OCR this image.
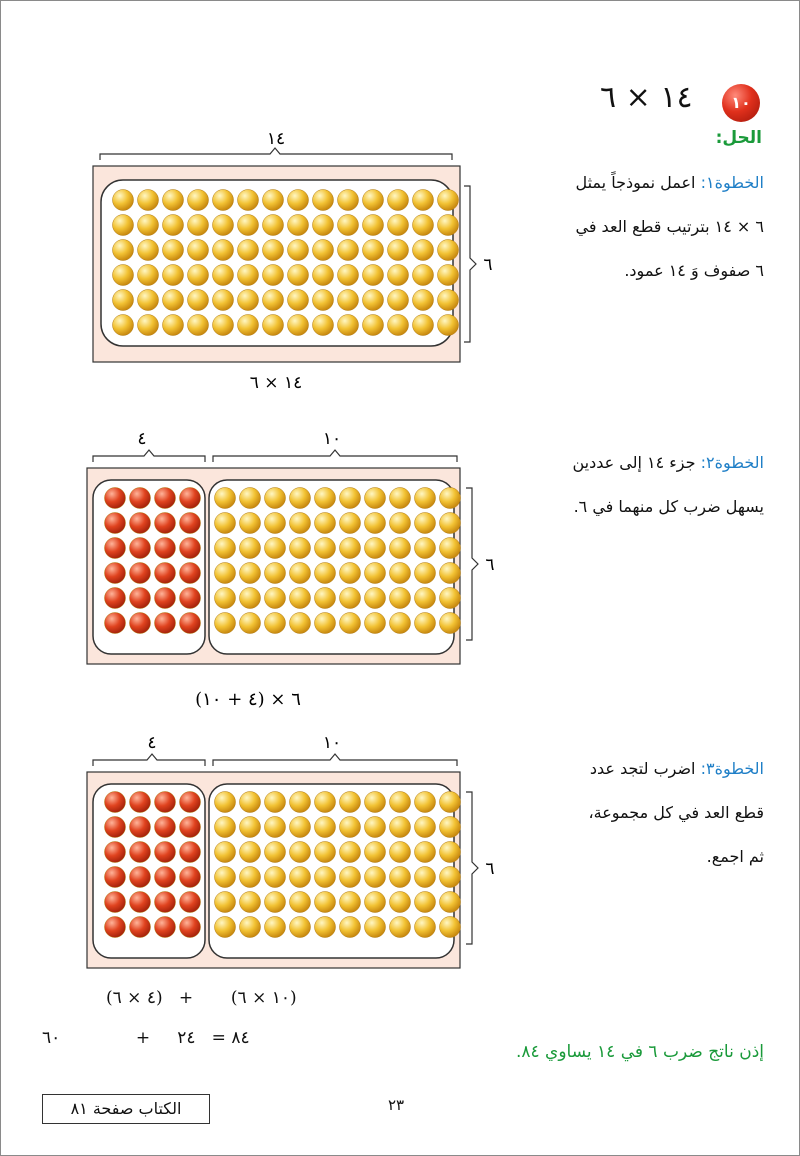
١٤ × ٦	١٠
الحل:
الخطوة١: اعمل نموذجاً يمثل
٦ × ١٤ بترتيب قطع العد في
٦ صفوف وَ ١٤ عمود.
الخطوة٢: جزء ١٤ إلى عددين
يسهل ضرب كل منهما في ٦.
الخطوة٣: اضرب لتجد عدد
قطع العد في كل مجموعة،
ثم اجمع.
١٤
٦
١٤ × ٦
٤	١٠
٦
(٤ + ١٠) × ٦
٤	١٠
٦
(٤ × ٦)   +       (١٠ × ٦)
٨٤ =   ٢٤     +              ٦٠
إذن ناتج ضرب ٦ في ١٤ يساوي ٨٤.
الكتاب صفحة ٨١	٢٣
